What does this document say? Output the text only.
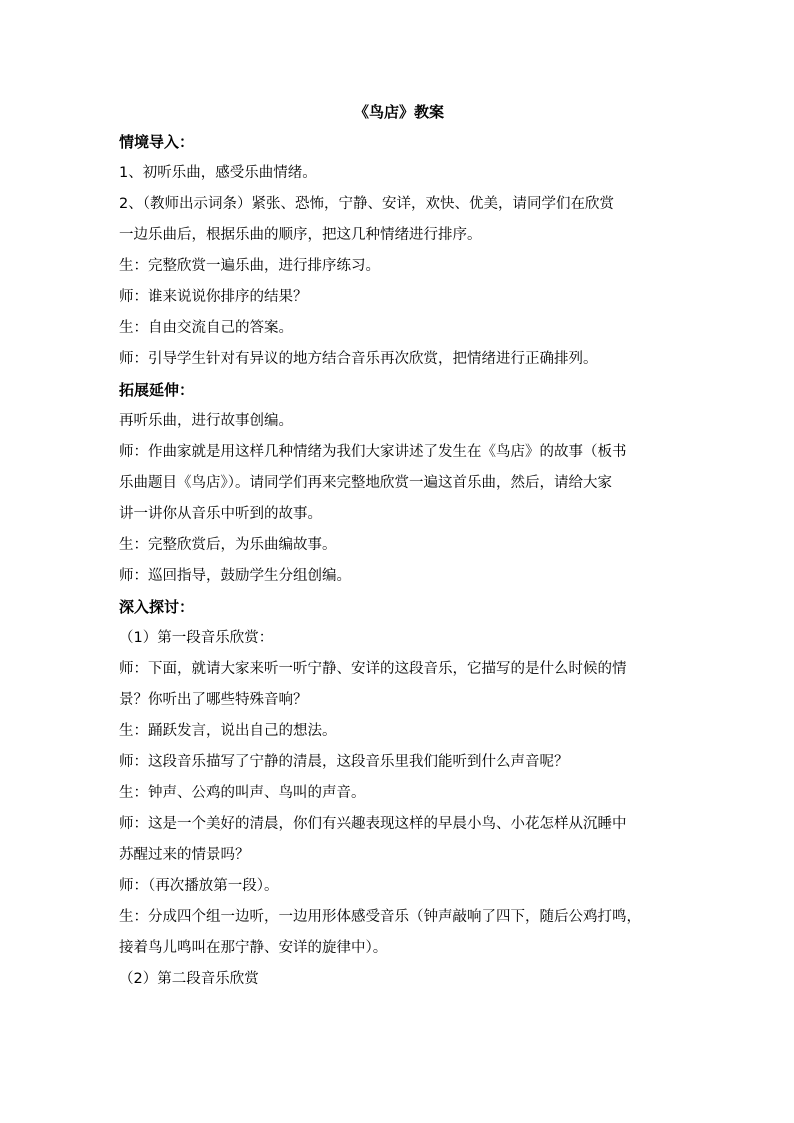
《鸟店》教案
情境导入：
1、初听乐曲，感受乐曲情绪。
2、（教师出示词条）紧张、恐怖，宁静、安详，欢快、优美，请同学们在欣赏
一边乐曲后，根据乐曲的顺序，把这几种情绪进行排序。
生：完整欣赏一遍乐曲，进行排序练习。
师：谁来说说你排序的结果？
生：自由交流自己的答案。
师：引导学生针对有异议的地方结合音乐再次欣赏，把情绪进行正确排列。
拓展延伸：
再听乐曲，进行故事创编。
师：作曲家就是用这样几种情绪为我们大家讲述了发生在《鸟店》的故事（板书
乐曲题目《鸟店》）。请同学们再来完整地欣赏一遍这首乐曲，然后，请给大家
讲一讲你从音乐中听到的故事。
生：完整欣赏后，为乐曲编故事。
师：巡回指导，鼓励学生分组创编。
深入探讨：
（1）第一段音乐欣赏：
师：下面，就请大家来听一听宁静、安详的这段音乐，它描写的是什么时候的情
景？你听出了哪些特殊音响？
生：踊跃发言，说出自己的想法。
师：这段音乐描写了宁静的清晨，这段音乐里我们能听到什么声音呢？
生：钟声、公鸡的叫声、鸟叫的声音。
师：这是一个美好的清晨，你们有兴趣表现这样的早晨小鸟、小花怎样从沉睡中
苏醒过来的情景吗？
师：（再次播放第一段）。
生：分成四个组一边听，一边用形体感受音乐（钟声敲响了四下，随后公鸡打鸣，
接着鸟儿鸣叫在那宁静、安详的旋律中）。
（2）第二段音乐欣赏
